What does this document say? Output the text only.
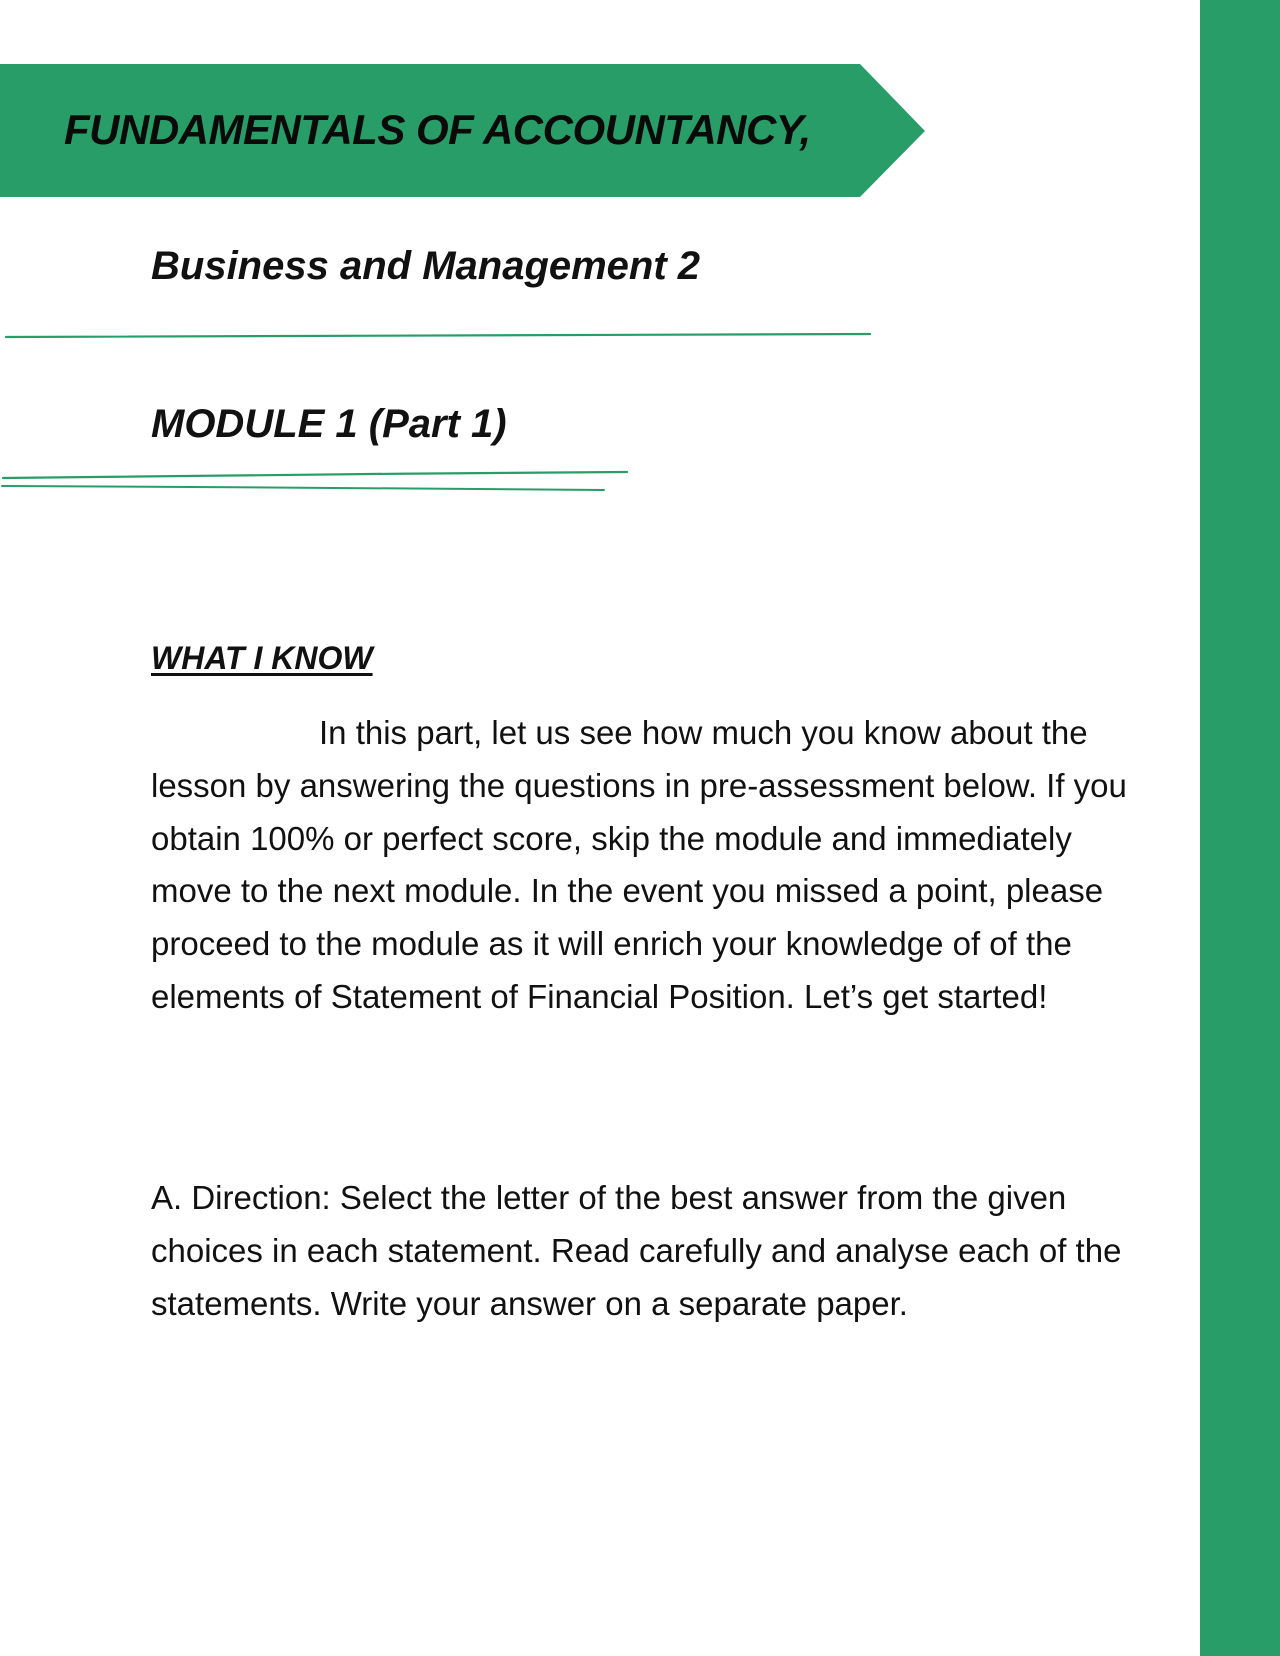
FUNDAMENTALS OF ACCOUNTANCY,
Business and Management 2
MODULE 1 (Part 1)
WHAT I KNOW

In this part, let us see how much you know about the lesson by answering the questions in pre-assessment below. If you obtain 100% or perfect score, skip the module and immediately move to the next module. In the event you missed a point, please proceed to the module as it will enrich your knowledge of of the elements of Statement of Financial Position. Let’s get started!

A. Direction: Select the letter of the best answer from the given choices in each statement. Read carefully and analyse each of the statements. Write your answer on a separate paper.
